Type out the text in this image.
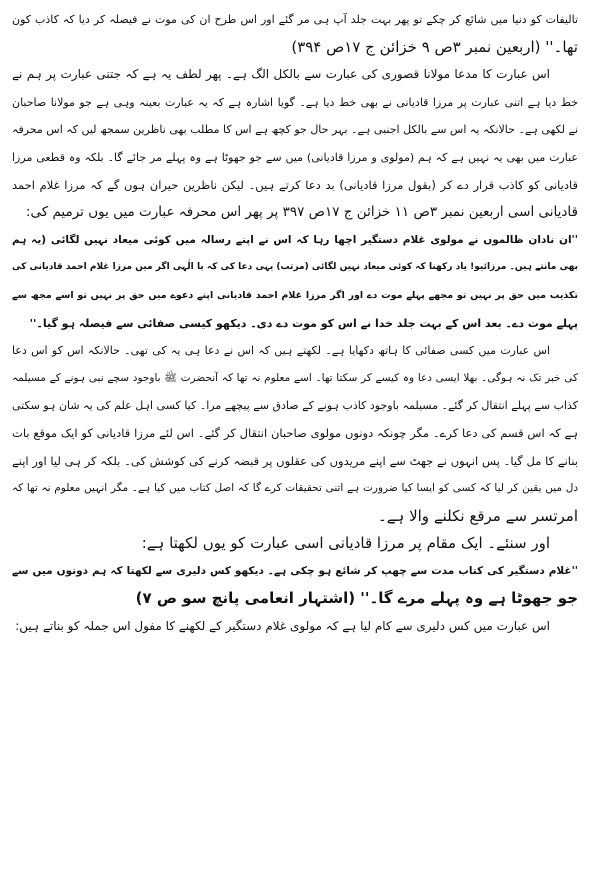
تالیفات کو دنیا میں شائع کر چکے تو پھر بہت جلد آپ ہی مر گئے اور اس طرح ان کی موت نے فیصلہ کر دیا کہ کاذب کون
تھا۔'' (اربعین نمبر ۳ص ۹ خزائن ج ۱۷ص ۳۹۴)
اس عبارت کا مدعا مولانا قصوری کی عبارت سے بالکل الگ ہے۔ پھر لطف یہ ہے کہ جتنی عبارت پر ہم نے
خط دیا ہے اتنی عبارت پر مرزا قادیانی نے بھی خط دیا ہے۔ گویا اشارہ ہے کہ یہ عبارت بعینہ وہی ہے جو مولانا صاحبان
نے لکھی ہے۔ حالانکہ یہ اس سے بالکل اجنبی ہے۔ بہر حال جو کچھ ہے اس کا مطلب بھی ناظرین سمجھ لیں کہ اس محرفہ
عبارت میں بھی یہ نہیں ہے کہ ہم (مولوی و مرزا قادیانی) میں سے جو جھوٹا ہے وہ پہلے مر جائے گا۔ بلکہ وہ قطعی مرزا
قادیانی کو کاذب قرار دے کر (بقول مرزا قادیانی) بد دعا کرتے ہیں۔ لیکن ناظرین حیران ہوں گے کہ مرزا غلام احمد
قادیانی اسی اربعین نمبر ۳ص ۱۱ خزائن ج ۱۷ص ۳۹۷ پر پھر اس محرفہ عبارت میں یوں ترمیم کی:
''ان نادان ظالموں نے مولوی غلام دستگیر اچھا رہا کہ اس نے اپنے رسالہ میں کوئی میعاد نہیں لگائی (یہ ہم
بھی مانتے ہیں۔ مرزائیو! یاد رکھنا کہ کوئی میعاد نہیں لگائی (مرتب) یہی دعا کی کہ یا الٰہی اگر میں مرزا غلام احمد قادیانی کی
تکذیب میں حق پر نہیں تو مجھے پہلے موت دے اور اگر مرزا غلام احمد قادیانی اپنے دعوے میں حق پر نہیں تو اسے مجھ سے
پہلے موت دے۔ بعد اس کے بہت جلد خدا نے اس کو موت دے دی۔ دیکھو کیسی صفائی سے فیصلہ ہو گیا۔''
اس عبارت میں کسی صفائی کا ہاتھ دکھایا ہے۔ لکھتے ہیں کہ اس نے دعا ہی یہ کی تھی۔ حالانکہ اس کو اس دعا
کی خبر تک نہ ہوگی۔ بھلا ایسی دعا وہ کیسے کر سکتا تھا۔ اسے معلوم نہ تھا کہ آنحضرت ﷺ باوجود سچے نبی ہونے کے مسیلمہ
کذاب سے پہلے انتقال کر گئے۔ مسیلمہ باوجود کاذب ہونے کے صادق سے پیچھے مرا۔ کیا کسی اہل علم کی یہ شان ہو سکتی
ہے کہ اس قسم کی دعا کرے۔ مگر چونکہ دونوں مولوی صاحبان انتقال کر گئے۔ اس لئے مرزا قادیانی کو ایک موقع بات
بنانے کا مل گیا۔ پس انہوں نے جھٹ سے اپنے مریدوں کی عقلوں پر قبضہ کرنے کی کوشش کی۔ بلکہ کر ہی لیا اور اپنے
دل میں یقین کر لیا کہ کسی کو ایسا کیا ضرورت ہے اتنی تحقیقات کرے گا کہ اصل کتاب میں کیا ہے۔ مگر انہیں معلوم نہ تھا کہ
امرتسر سے مرقع نکلنے والا ہے۔
اور سنئے۔ ایک مقام پر مرزا قادیانی اسی عبارت کو یوں لکھتا ہے:
''غلام دستگیر کی کتاب مدت سے چھپ کر شائع ہو چکی ہے۔ دیکھو کس دلیری سے لکھتا کہ ہم دونوں میں سے
جو جھوٹا ہے وہ پہلے مرے گا۔'' (اشتہار انعامی پانچ سو ص ۷)
اس عبارت میں کس دلیری سے کام لیا ہے کہ مولوی غلام دستگیر کے لکھنے کا مفول اس جملہ کو بناتے ہیں:
